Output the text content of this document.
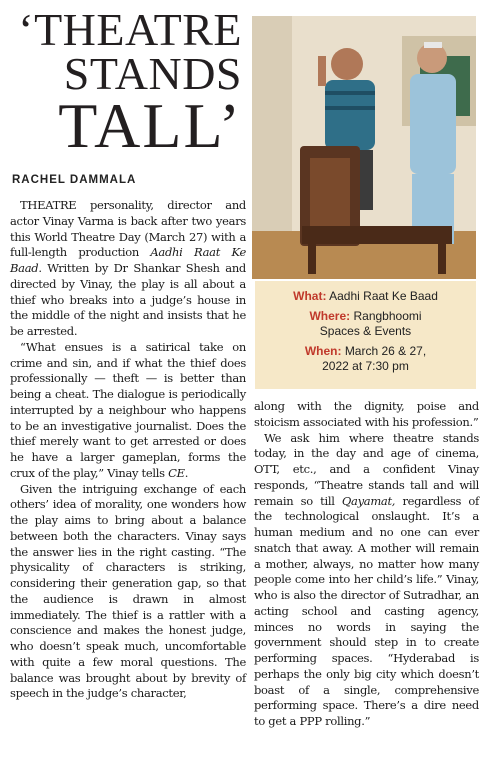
‘THEATRE
STANDS
TALL’
RACHEL DAMMALA
What: Aadhi Raat Ke Baad
Where: Rangbhoomi
Spaces & Events
When: March 26 & 27,
2022 at 7:30 pm

THEATRE personality, director and actor Vinay Varma is back after two years this World Theatre Day (March 27) with a full-length production Aadhi Raat Ke Baad. Written by Dr Shankar Shesh and directed by Vinay, the play is all about a thief who breaks into a judge’s house in the middle of the night and insists that he be arrested.

“What ensues is a satirical take on crime and sin, and if what the thief does professionally — theft — is better than being a cheat. The dialogue is periodically interrupted by a neighbour who happens to be an investigative journalist. Does the thief merely want to get arrested or does he have a larger gameplan, forms the crux of the play,” Vinay tells CE.

Given the intriguing exchange of each others’ idea of morality, one wonders how the play aims to bring about a balance between both the characters. Vinay says the answer lies in the right casting. “The physicality of characters is striking, considering their generation gap, so that the audience is drawn in almost immediately. The thief is a rattler with a conscience and makes the honest judge, who doesn’t speak much, uncomfortable with quite a few moral questions. The balance was brought about by brevity of speech in the judge’s character,

along with the dignity, poise and stoicism associated with his profession.”

We ask him where theatre stands today, in the day and age of cinema, OTT, etc., and a confident Vinay responds, “Theatre stands tall and will remain so till Qayamat, regardless of the technological onslaught. It’s a human medium and no one can ever snatch that away. A mother will remain a mother, always, no matter how many people come into her child’s life.” Vinay, who is also the director of Sutradhar, an acting school and casting agency, minces no words in saying the government should step in to create performing spaces. “Hyderabad is perhaps the only big city which doesn’t boast of a single, comprehensive performing space. There’s a dire need to get a PPP rolling.”
